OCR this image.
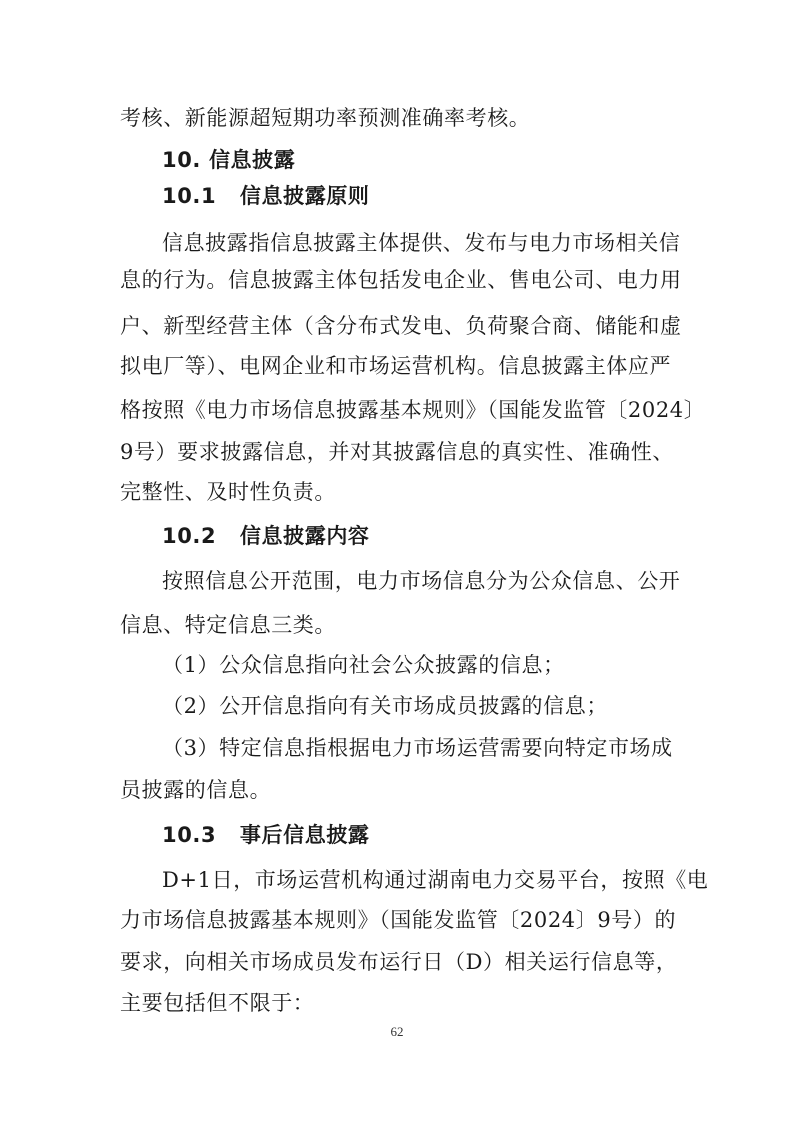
考核、新能源超短期功率预测准确率考核。
10. 信息披露
10.1 信息披露原则
信息披露指信息披露主体提供、发布与电力市场相关信
息的行为。信息披露主体包括发电企业、售电公司、电力用
户、新型经营主体（含分布式发电、负荷聚合商、储能和虚
拟电厂等）、电网企业和市场运营机构。信息披露主体应严
格按照《电力市场信息披露基本规则》（国能发监管〔2024〕
9号）要求披露信息，并对其披露信息的真实性、准确性、
完整性、及时性负责。
10.2 信息披露内容
按照信息公开范围，电力市场信息分为公众信息、公开
信息、特定信息三类。
（1）公众信息指向社会公众披露的信息；
（2）公开信息指向有关市场成员披露的信息；
（3）特定信息指根据电力市场运营需要向特定市场成
员披露的信息。
10.3 事后信息披露
D+1日，市场运营机构通过湖南电力交易平台，按照《电
力市场信息披露基本规则》（国能发监管〔2024〕9号）的
要求，向相关市场成员发布运行日（D）相关运行信息等，
主要包括但不限于：
62
